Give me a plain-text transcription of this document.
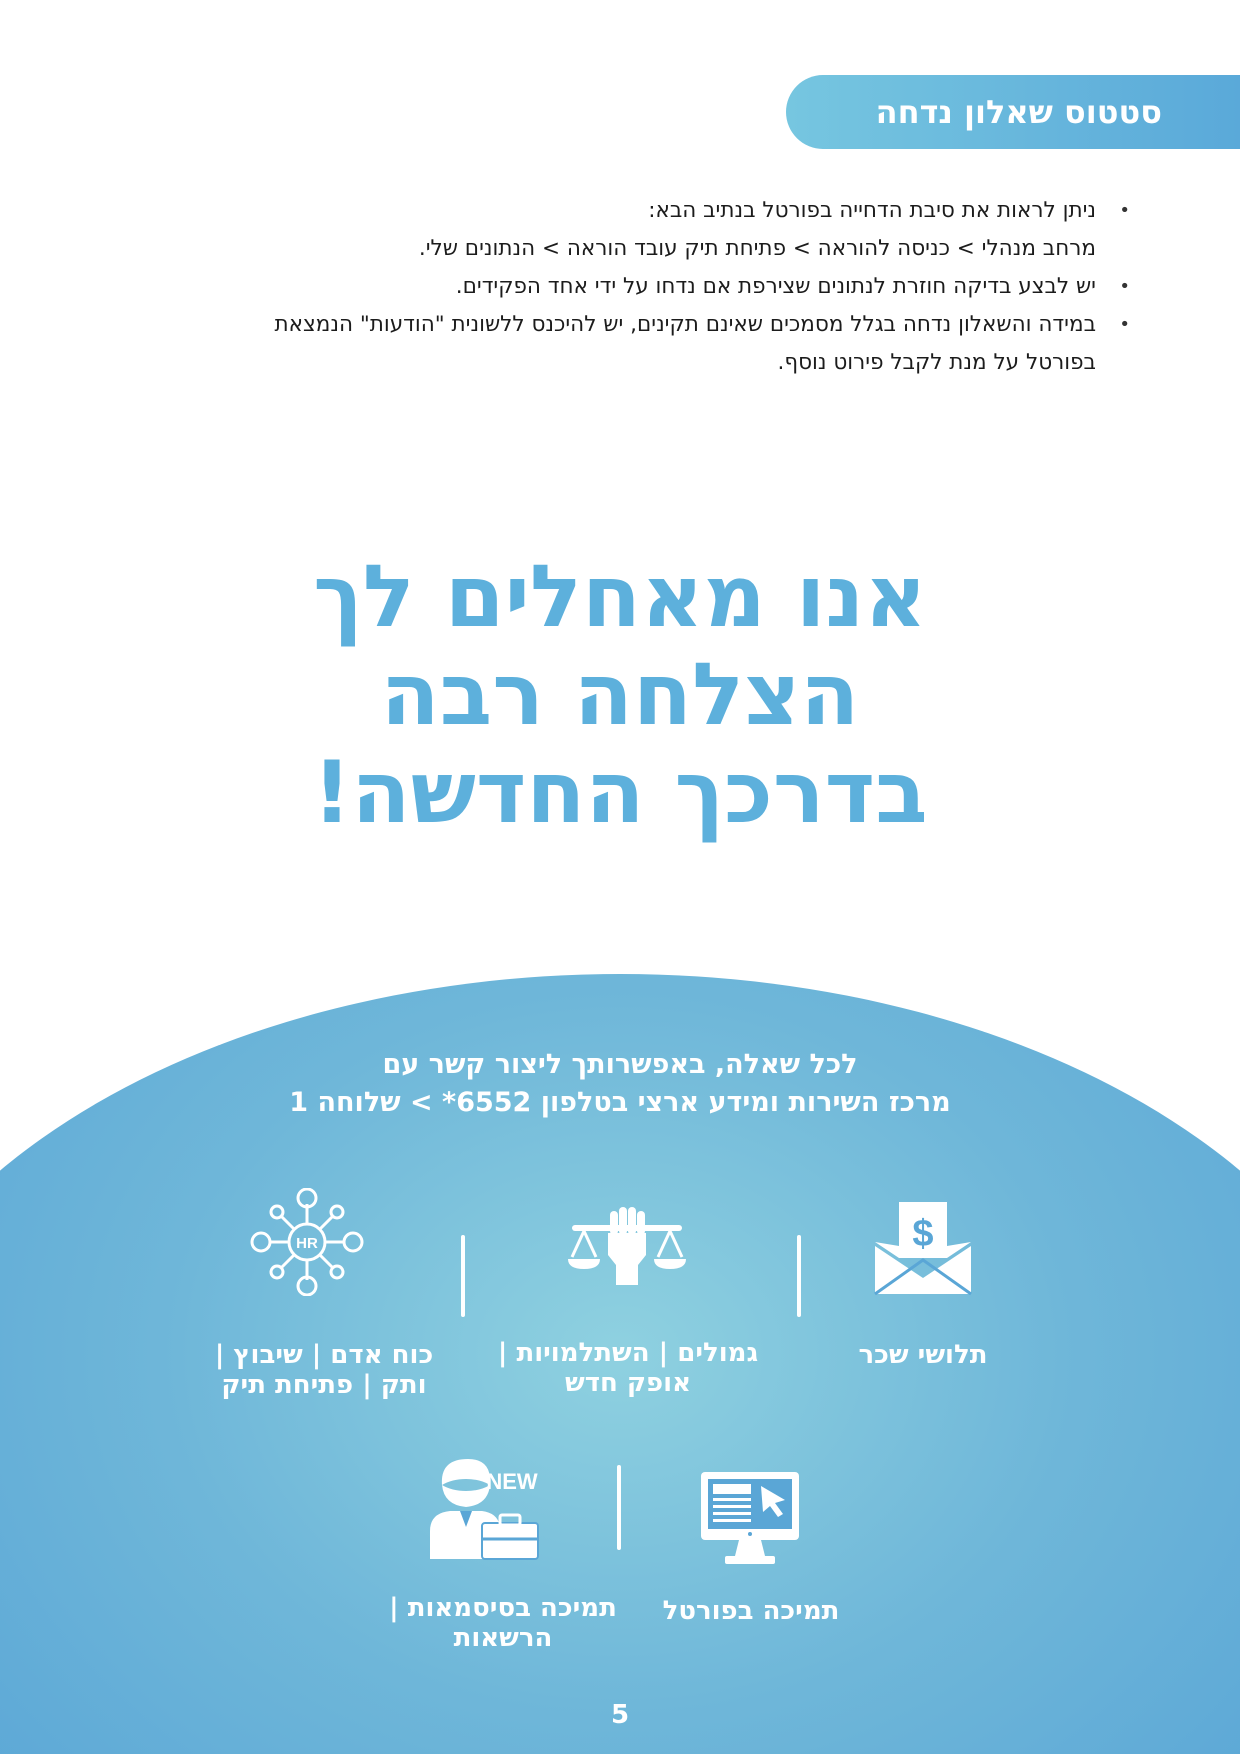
סטטוס שאלון נדחה
•
ניתן לראות את סיבת הדחייה בפורטל בנתיב הבא:
מרחב מנהלי > כניסה להוראה > פתיחת תיק עובד הוראה > הנתונים שלי.
•
יש לבצע בדיקה חוזרת לנתונים שצירפת אם נדחו על ידי אחד הפקידים.
•
במידה והשאלון נדחה בגלל מסמכים שאינם תקינים, יש להיכנס ללשונית "הודעות" הנמצאת
בפורטל על מנת לקבל פירוט נוסף.
אנו מאחלים לך
הצלחה רבה
בדרכך החדשה!
לכל שאלה, באפשרותך ליצור קשר עם
מרכז השירות ומידע ארצי בטלפון 6552* > שלוחה 1
$
תלושי שכר
גמולים | השתלמויות |
אופק חדש
HR
כוח אדם | שיבוץ |
ותק | פתיחת תיק
תמיכה בפורטל
NEW
תמיכה בסיסמאות |
הרשאות
5
